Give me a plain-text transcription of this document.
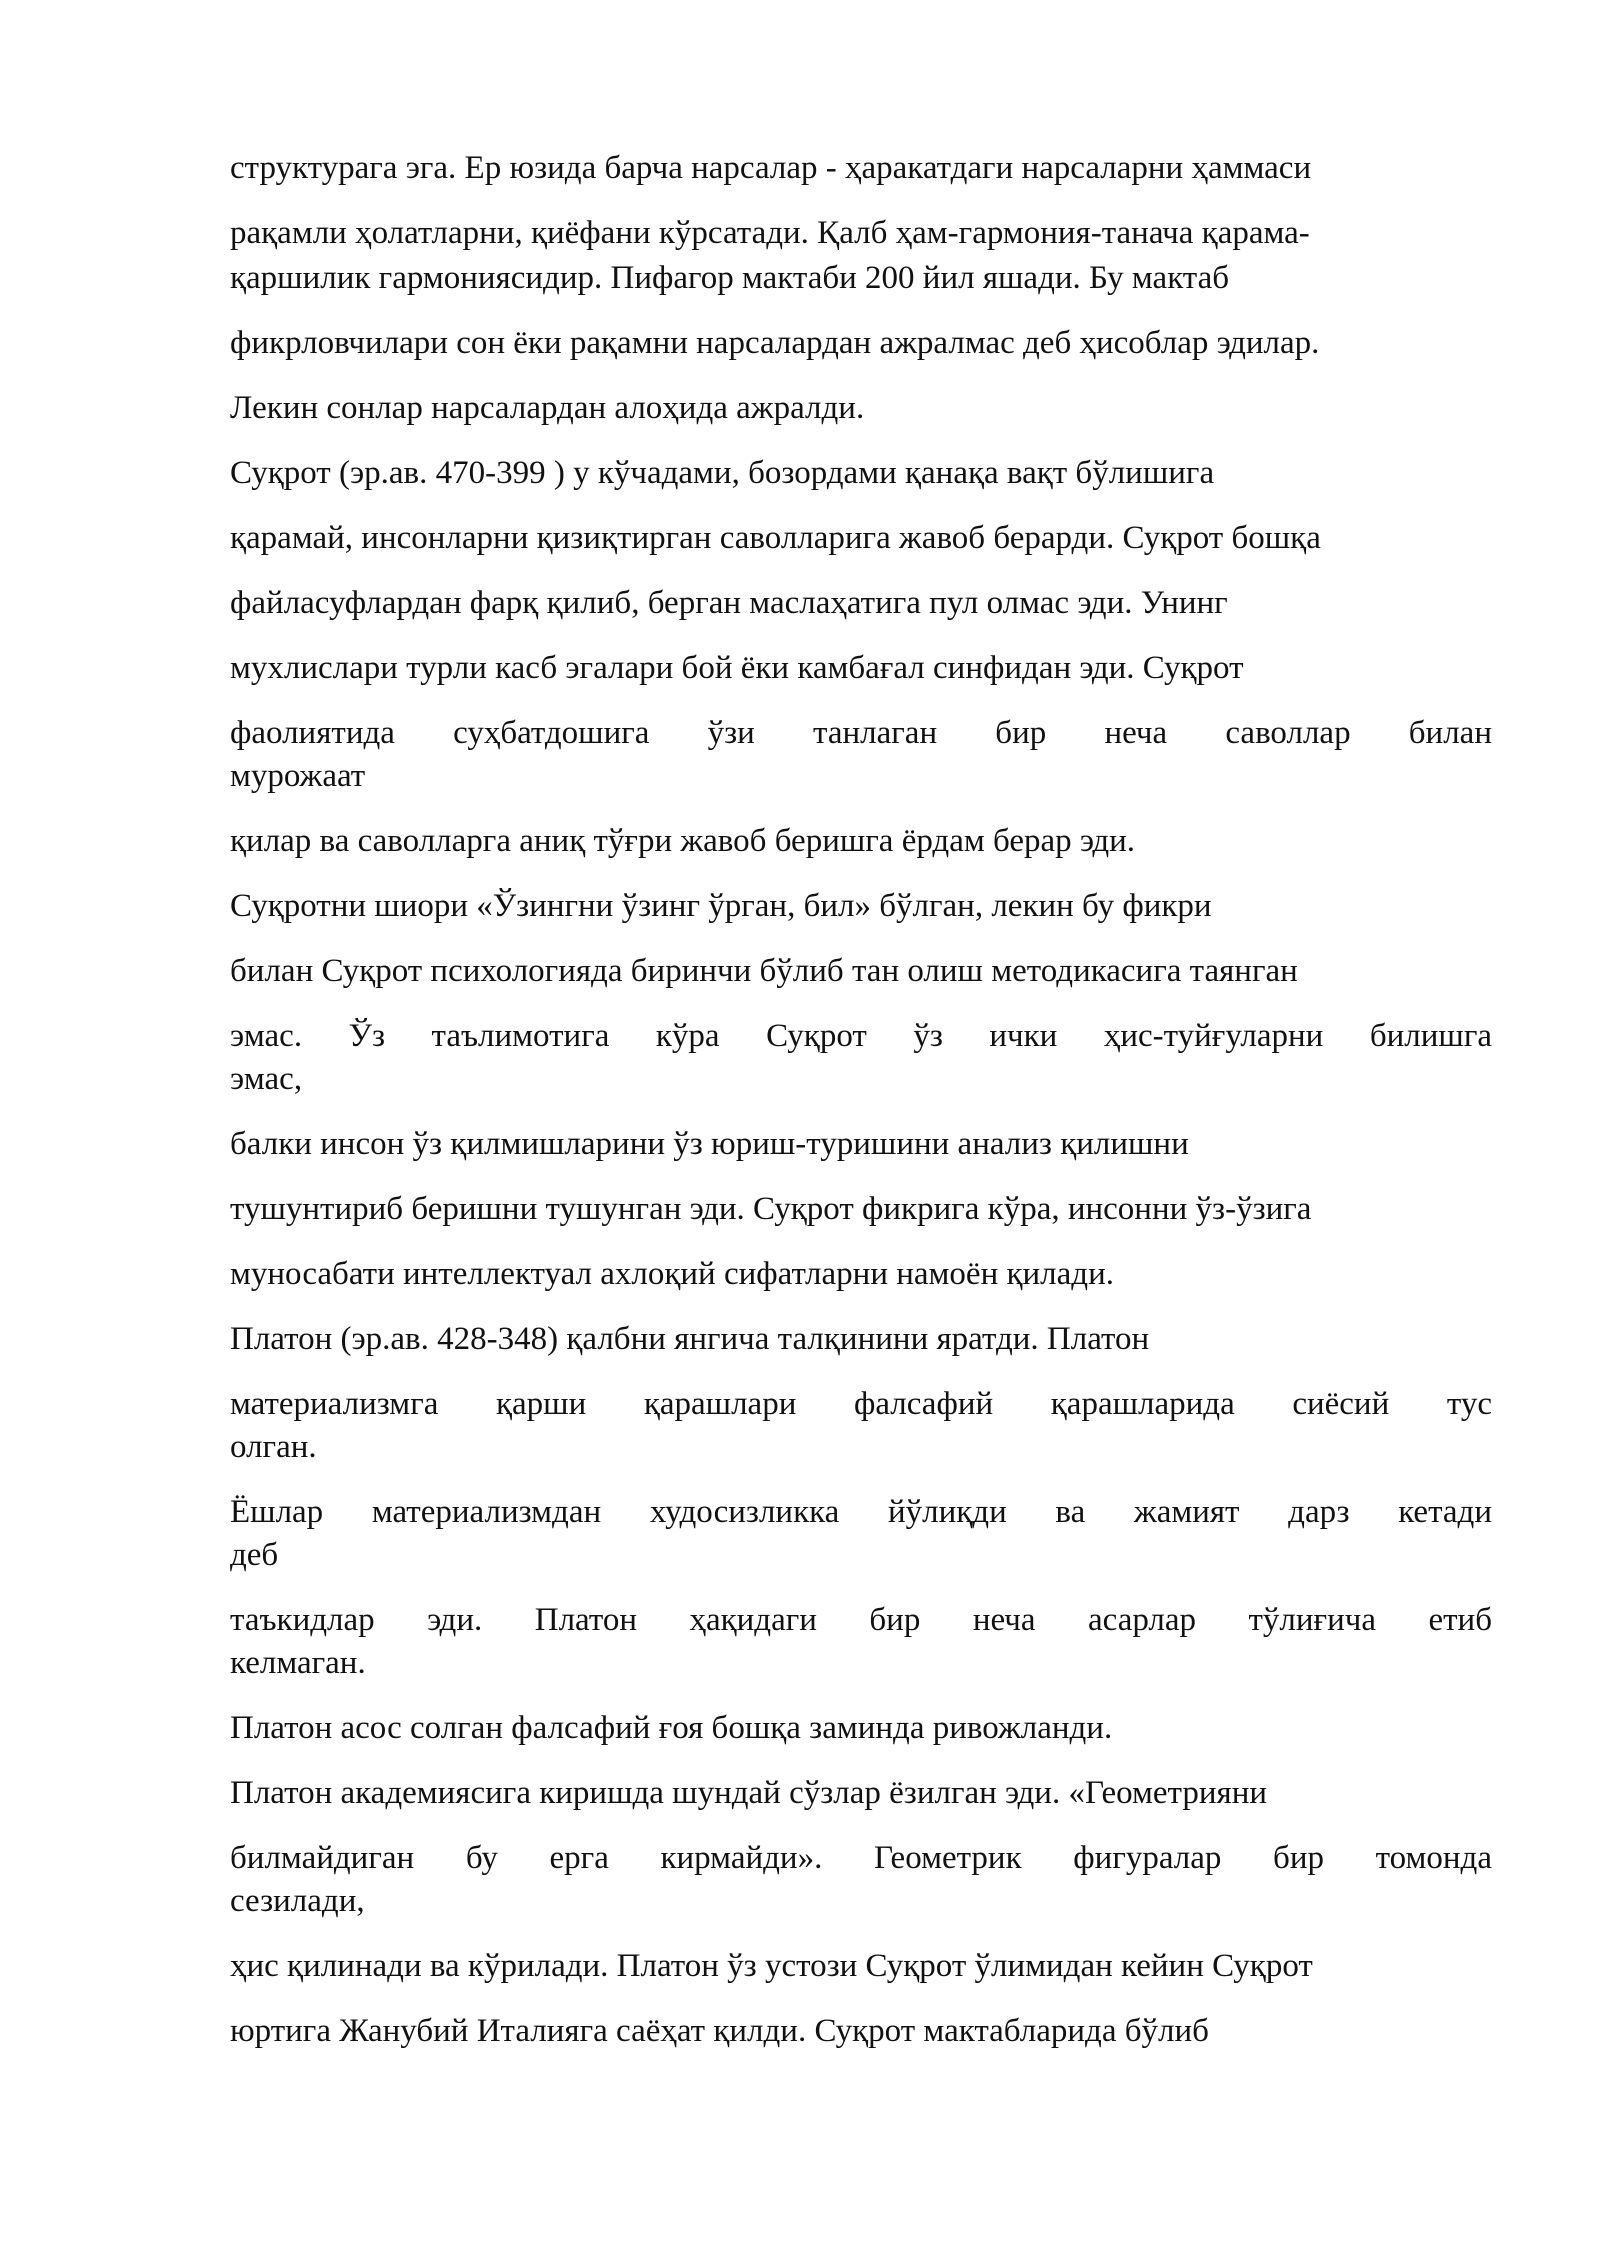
структурага эга. Ер юзида барча нарсалар - ҳаракатдаги нарсаларни ҳаммаси
рақамли ҳолатларни, қиёфани кўрсатади. Қалб ҳам-гармония-танача қарама-
қаршилик гармониясидир. Пифагор мактаби 200 йил яшади. Бу мактаб
фикрловчилари сон ёки рақамни нарсалардан ажралмас деб ҳисоблар эдилар.
Лекин сонлар нарсалардан алоҳида ажралди.
Суқрот (эр.ав. 470-399 ) у кўчадами, бозордами қанақа вақт бўлишига
қарамай, инсонларни қизиқтирган саволларига жавоб берарди. Суқрот бошқа
файласуфлардан фарқ қилиб, берган маслаҳатига пул олмас эди. Унинг
мухлислари турли касб эгалари бой ёки камбағал синфидан эди. Суқрот
фаолиятида суҳбатдошига ўзи танлаган бир неча саволлар билан
мурожаат
қилар ва саволларга аниқ тўғри жавоб беришга ёрдам берар эди.
Суқротни шиори «Ўзингни ўзинг ўрган, бил» бўлган, лекин бу фикри
билан Суқрот психологияда биринчи бўлиб тан олиш методикасига таянган
эмас. Ўз таълимотига кўра Суқрот ўз ички ҳис-туйғуларни билишга
эмас,
балки инсон ўз қилмишларини ўз юриш-туришини анализ қилишни
тушунтириб беришни тушунган эди. Суқрот фикрига кўра, инсонни ўз-ўзига
муносабати интеллектуал ахлоқий сифатларни намоён қилади.
Платон (эр.ав. 428-348) қалбни янгича талқинини яратди. Платон
материализмга қарши қарашлари фалсафий қарашларида сиёсий тус
олган.
Ёшлар материализмдан худосизликка йўлиқди ва жамият дарз кетади
деб
таъкидлар эди. Платон ҳақидаги бир неча асарлар тўлиғича етиб
келмаган.
Платон асос солган фалсафий ғоя бошқа заминда ривожланди.
Платон академиясига киришда шундай сўзлар ёзилган эди. «Геометрияни
билмайдиган бу ерга кирмайди». Геометрик фигуралар бир томонда
сезилади,
ҳис қилинади ва кўрилади. Платон ўз устози Суқрот ўлимидан кейин Суқрот
юртига Жанубий Италияга саёҳат қилди. Суқрот мактабларида бўлиб
